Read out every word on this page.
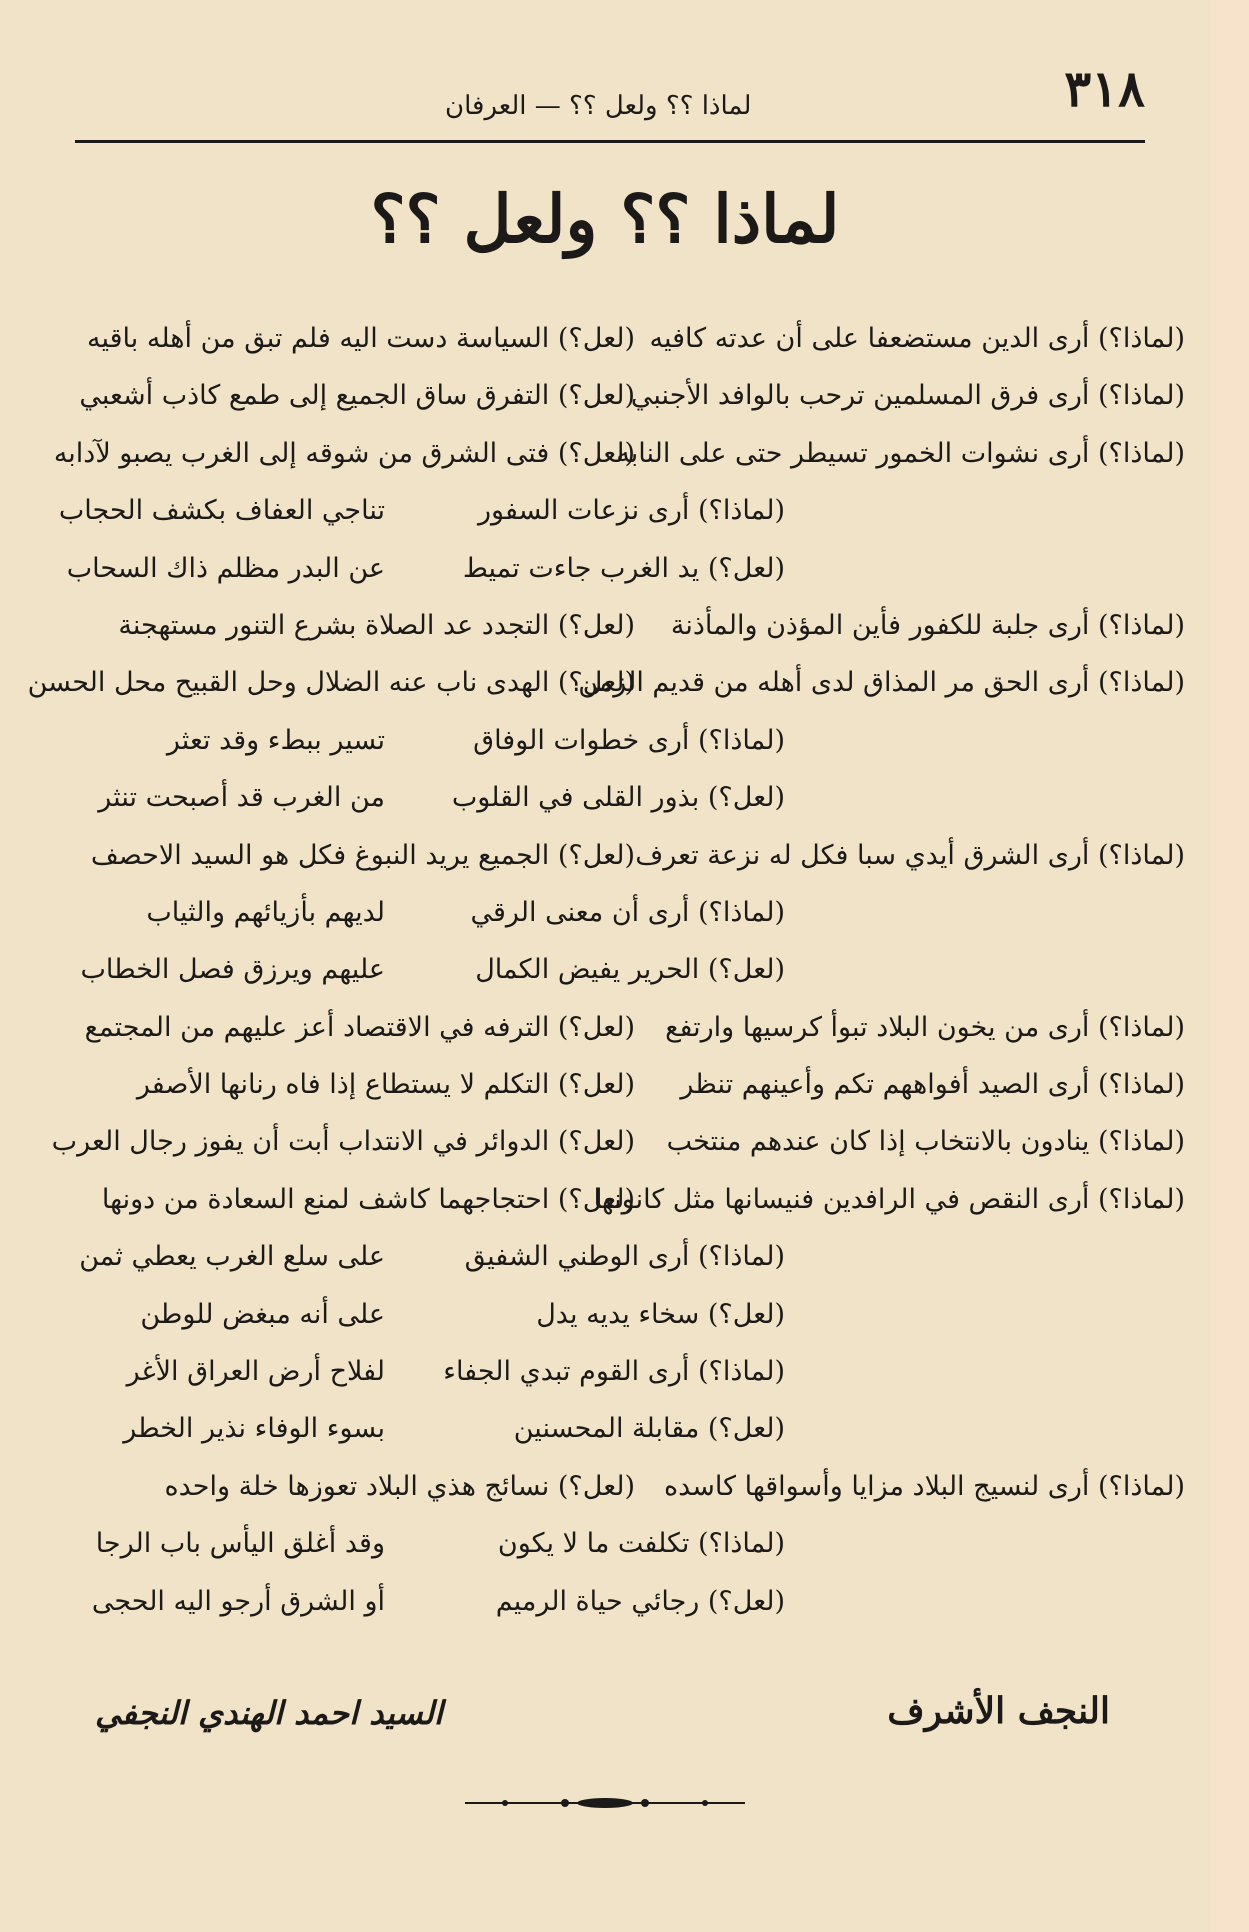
٣١٨
لماذا ؟؟ ولعل ؟؟ — العرفان
لماذا ؟؟ ولعل ؟؟
(لماذا؟) أرى الدين مستضعفا على أن عدته كافيه
(لعل؟) السياسة دست اليه فلم تبق من أهله باقيه
(لماذا؟) أرى فرق المسلمين ترحب بالوافد الأجنبي
(لعل؟) التفرق ساق الجميع إلى طمع كاذب أشعبي
(لماذا؟) أرى نشوات الخمور تسيطر حتى على النابه
(لعل؟) فتى الشرق من شوقه إلى الغرب يصبو لآدابه
(لماذا؟) أرى نزعات السفور
تناجي العفاف بكشف الحجاب
(لعل؟) يد الغرب جاءت تميط
عن البدر مظلم ذاك السحاب
(لماذا؟) أرى جلبة للكفور فأين المؤذن والمأذنة
(لعل؟) التجدد عد الصلاة بشرع التنور مستهجنة
(لماذا؟) أرى الحق مر المذاق لدى أهله من قديم الزمن
(لعل؟) الهدى ناب عنه الضلال وحل القبيح محل الحسن
(لماذا؟) أرى خطوات الوفاق
تسير ببطء وقد تعثر
(لعل؟) بذور القلى في القلوب
من الغرب قد أصبحت تنثر
(لماذا؟) أرى الشرق أيدي سبا فكل له نزعة تعرف
(لعل؟) الجميع يريد النبوغ فكل هو السيد الاحصف
(لماذا؟) أرى أن معنى الرقي
لديهم بأزيائهم والثياب
(لعل؟) الحرير يفيض الكمال
عليهم ويرزق فصل الخطاب
(لماذا؟) أرى من يخون البلاد تبوأ كرسيها وارتفع
(لعل؟) الترفه في الاقتصاد أعز عليهم من المجتمع
(لماذا؟) أرى الصيد أفواههم تكم وأعينهم تنظر
(لعل؟) التكلم لا يستطاع إذا فاه رنانها الأصفر
(لماذا؟) ينادون بالانتخاب إذا كان عندهم منتخب
(لعل؟) الدوائر في الانتداب أبت أن يفوز رجال العرب
(لماذا؟) أرى النقص في الرافدين فنيسانها مثل كانونها
(لعل؟) احتجاجهما كاشف لمنع السعادة من دونها
(لماذا؟) أرى الوطني الشفيق
على سلع الغرب يعطي ثمن
(لعل؟) سخاء يديه يدل
على أنه مبغض للوطن
(لماذا؟) أرى القوم تبدي الجفاء
لفلاح أرض العراق الأغر
(لعل؟) مقابلة المحسنين
بسوء الوفاء نذير الخطر
(لماذا؟) أرى لنسيج البلاد مزايا وأسواقها كاسده
(لعل؟) نسائج هذي البلاد تعوزها خلة واحده
(لماذا؟) تكلفت ما لا يكون
وقد أغلق اليأس باب الرجا
(لعل؟) رجائي حياة الرميم
أو الشرق أرجو اليه الحجى
النجف الأشرف
السيد احمد الهندي النجفي
